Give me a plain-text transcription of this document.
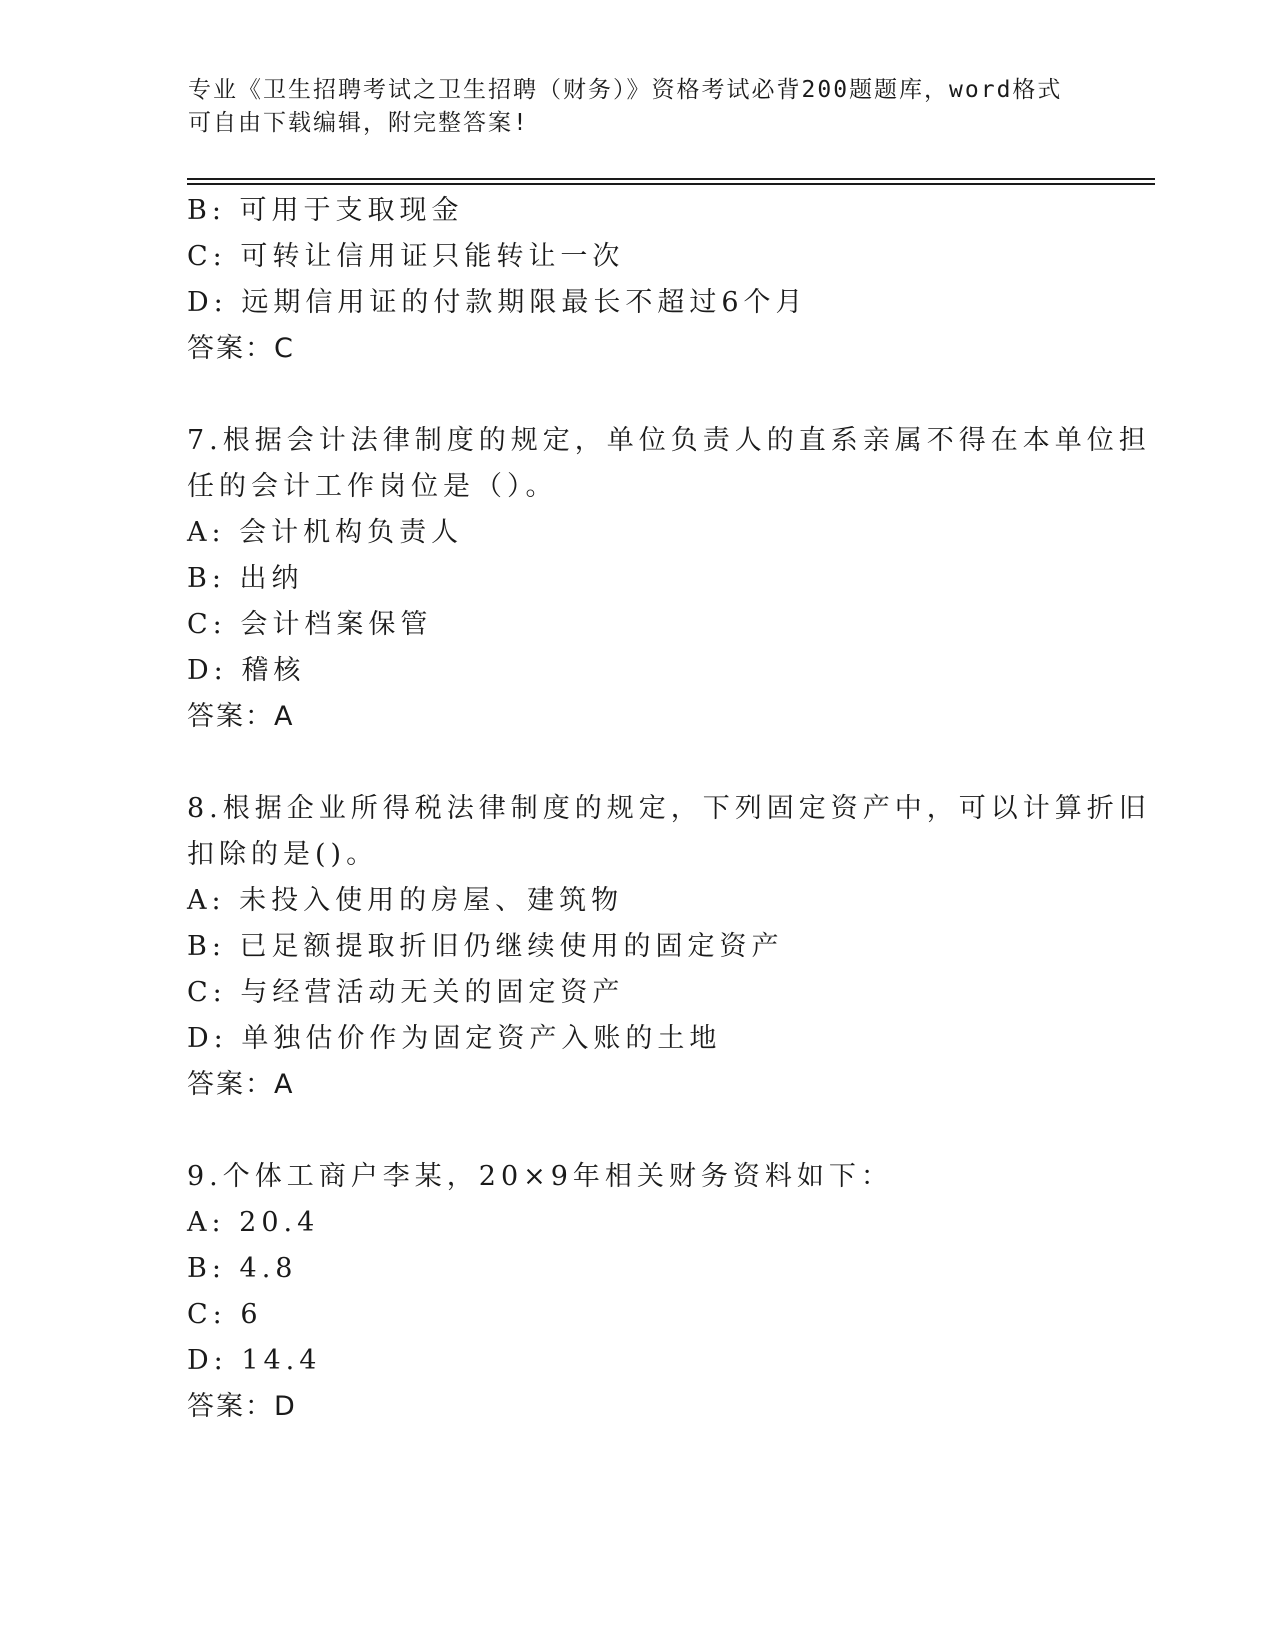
专业《卫生招聘考试之卫生招聘（财务）》资格考试必背200题题库，word格式
可自由下载编辑，附完整答案!
B: 可用于支取现金
C: 可转让信用证只能转让一次
D: 远期信用证的付款期限最长不超过6个月
答案：C
7.根据会计法律制度的规定，单位负责人的直系亲属不得在本单位担
任的会计工作岗位是（）。
A: 会计机构负责人
B: 出纳
C: 会计档案保管
D: 稽核
答案：A
8.根据企业所得税法律制度的规定，下列固定资产中，可以计算折旧
扣除的是()。
A: 未投入使用的房屋、建筑物
B: 已足额提取折旧仍继续使用的固定资产
C: 与经营活动无关的固定资产
D: 单独估价作为固定资产入账的土地
答案：A
9.个体工商户李某，20×9年相关财务资料如下：
A: 20.4
B: 4.8
C: 6
D: 14.4
答案：D
